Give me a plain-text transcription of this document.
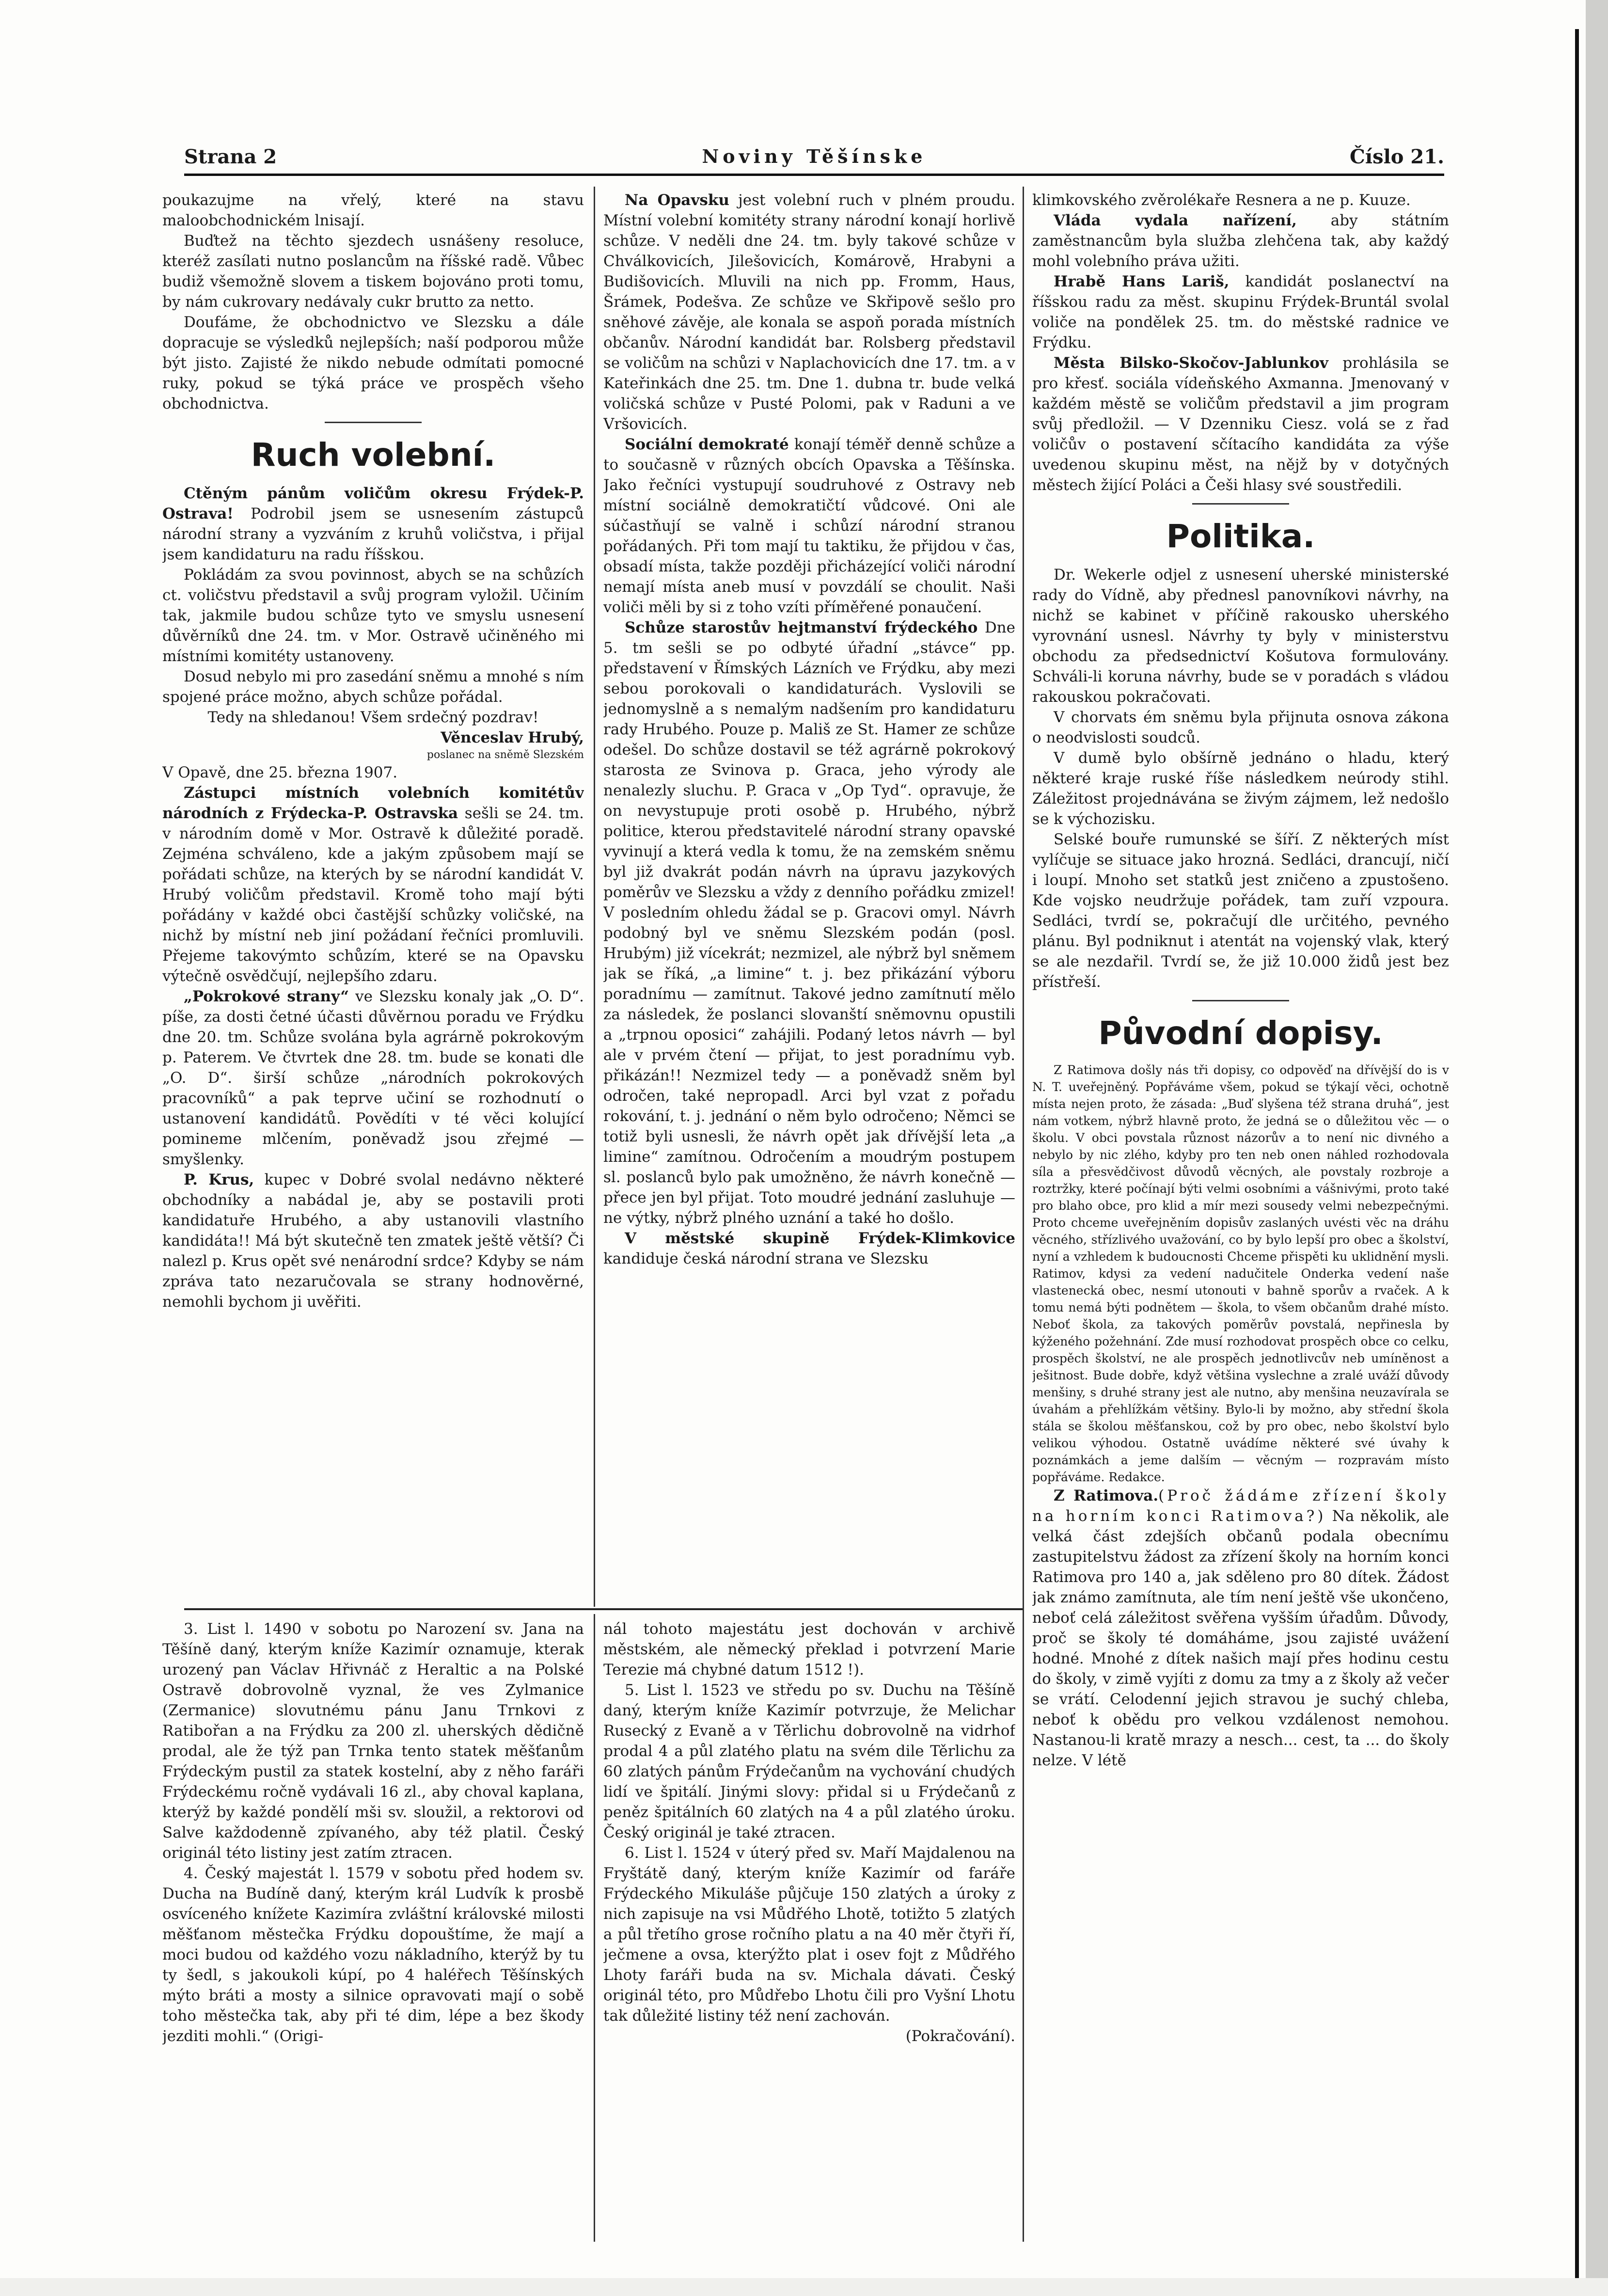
Strana 2	Noviny Těšínske	Číslo 21.

poukazujme na vřelý, které na stavu maloobchodnickém lnisají.

Buďtež na těchto sjezdech usnášeny resoluce, kteréž zasílati nutno poslancům na říšské radě. Vůbec budiž všemožně slovem a tiskem bojováno proti tomu, by nám cukrovary nedávaly cukr brutto za netto.

Doufáme, že obchodnictvo ve Slezsku a dále dopracuje se výsledků nejlepších; naší podporou může být jisto. Zajisté že nikdo nebude odmítati pomocné ruky, pokud se týká práce ve prospěch všeho obchodnictva.

Ruch volební.

Ctěným pánům voličům okresu Frýdek-P. Ostrava! Podrobil jsem se usnesením zástupců národní strany a vyzváním z kruhů voličstva, i přijal jsem kandidaturu na radu říšskou.

Pokládám za svou povinnost, abych se na schůzích ct. voličstvu představil a svůj program vyložil. Učiním tak, jakmile budou schůze tyto ve smyslu usnesení důvěrníků dne 24. tm. v Mor. Ostravě učiněného mi místními komitéty ustanoveny.

Dosud nebylo mi pro zasedání sněmu a mnohé s ním spojené práce možno, abych schůze pořádal.

Tedy na shledanou! Všem srdečný pozdrav!

Věnceslav Hrubý,

poslanec na sněmě Slezském

V Opavě, dne 25. března 1907.

Zástupci místních volebních komitétův národních z Frýdecka-P. Ostravska sešli se 24. tm. v národním domě v Mor. Ostravě k důležité poradě. Zejména schváleno, kde a jakým způsobem mají se pořádati schůze, na kterých by se národní kandidát V. Hrubý voličům představil. Kromě toho mají býti pořádány v každé obci častější schůzky voličské, na nichž by místní neb jiní požádaní řečníci promluvili. Přejeme takovýmto schůzím, které se na Opavsku výtečně osvědčují, nejlepšího zdaru.

„Pokrokové strany“ ve Slezsku konaly jak „O. D“. píše, za dosti četné účasti důvěrnou poradu ve Frýdku dne 20. tm. Schůze svolána byla agrárně pokrokovým p. Paterem. Ve čtvrtek dne 28. tm. bude se konati dle „O. D“. širší schůze „národních pokrokových pracovníků“ a pak teprve učiní se rozhodnutí o ustanovení kandidátů. Povědíti v té věci kolující pomineme mlčením, poněvadž jsou zřejmé — smyšlenky.

P. Krus, kupec v Dobré svolal nedávno některé obchodníky a nabádal je, aby se postavili proti kandidatuře Hrubého, a aby ustanovili vlastního kandidáta!! Má být skutečně ten zmatek ještě větší? Či nalezl p. Krus opět své nenárodní srdce? Kdyby se nám zpráva tato nezaručovala se strany hodnověrné, nemohli bychom ji uvěřiti.

Na Opavsku jest volební ruch v plném proudu. Místní volební komitéty strany národní konají horlivě schůze. V neděli dne 24. tm. byly takové schůze v Chválkovicích, Jilešovicích, Komárově, Hrabyni a Budišovicích. Mluvili na nich pp. Fromm, Haus, Šrámek, Podešva. Ze schůze ve Skřipově sešlo pro sněhové závěje, ale konala se aspoň porada místních občanův. Národní kandidát bar. Rolsberg představil se voličům na schůzi v Naplachovicích dne 17. tm. a v Kateřinkách dne 25. tm. Dne 1. dubna tr. bude velká voličská schůze v Pusté Polomi, pak v Raduni a ve Vršovicích.

Sociální demokraté konají téměř denně schůze a to současně v různých obcích Opavska a Těšínska. Jako řečníci vystupují soudruhové z Ostravy neb místní sociálně demokratičtí vůdcové. Oni ale súčastňují se valně i schůzí národní stranou pořádaných. Při tom mají tu taktiku, že přijdou v čas, obsadí místa, takže později přicházející voliči národní nemají místa aneb musí v povzdálí se choulit. Naši voliči měli by si z toho vzíti příměřené ponaučení.

Schůze starostův hejtmanství frýdeckého Dne 5. tm sešli se po odbyté úřadní „stávce“ pp. představení v Římských Lázních ve Frýdku, aby mezi sebou porokovali o kandidaturách. Vyslovili se jednomyslně a s nemalým nadšením pro kandidaturu rady Hrubého. Pouze p. Mališ ze St. Hamer ze schůze odešel. Do schůze dostavil se též agrárně pokrokový starosta ze Svinova p. Graca, jeho výrody ale nenalezly sluchu. P. Graca v „Op Tyd“. opravuje, že on nevystupuje proti osobě p. Hrubého, nýbrž politice, kterou představitelé národní strany opavské vyvinují a která vedla k tomu, že na zemském sněmu byl již dvakrát podán návrh na úpravu jazykových poměrův ve Slezsku a vždy z denního pořádku zmizel! V posledním ohledu žádal se p. Gracovi omyl. Návrh podobný byl ve sněmu Slezském podán (posl. Hrubým) již vícekrát; nezmizel, ale nýbrž byl sněmem jak se říká, „a limine“ t. j. bez přikázání výboru poradnímu — zamítnut. Takové jedno zamítnutí mělo za následek, že poslanci slovanští sněmovnu opustili a „trpnou oposici“ zahájili. Podaný letos návrh — byl ale v prvém čtení — přijat, to jest poradnímu vyb. přikázán!! Nezmizel tedy — a poněvadž sněm byl odročen, také nepropadl. Arci byl vzat z pořadu rokování, t. j. jednání o něm bylo odročeno; Němci se totiž byli usnesli, že návrh opět jak dřívější leta „a limine“ zamítnou. Odročením a moudrým postupem sl. poslanců bylo pak umožněno, že návrh konečně — přece jen byl přijat. Toto moudré jednání zasluhuje — ne výtky, nýbrž plného uznání a také ho došlo.

V městské skupině Frýdek-Klimkovice kandiduje česká národní strana ve Slezsku

klimkovského zvěrolékaře Resnera a ne p. Kuuze.

Vláda vydala nařízení, aby státním zaměstnancům byla služba zlehčena tak, aby každý mohl volebního práva užiti.

Hrabě Hans Lariš, kandidát poslanectví na říšskou radu za měst. skupinu Frýdek-Bruntál svolal voliče na pondělek 25. tm. do městské radnice ve Frýdku.

Města Bilsko-Skočov-Jablunkov prohlásila se pro křesť. sociála vídeňského Axmanna. Jmenovaný v každém městě se voličům představil a jim program svůj předložil. — V Dzenniku Ciesz. volá se z řad voličův o postavení sčítacího kandidáta za výše uvedenou skupinu měst, na nějž by v dotyčných městech žijící Poláci a Češi hlasy své soustředili.

Politika.

Dr. Wekerle odjel z usnesení uherské ministerské rady do Vídně, aby přednesl panovníkovi návrhy, na nichž se kabinet v příčině rakousko uherského vyrovnání usnesl. Návrhy ty byly v ministerstvu obchodu za předsednictví Košutova formulovány. Schváli-li koruna návrhy, bude se v poradách s vládou rakouskou pokračovati.

V chorvats ém sněmu byla přijnuta osnova zákona o neodvislosti soudců.

V dumě bylo obšírně jednáno o hladu, který některé kraje ruské říše následkem neúrody stihl. Záležitost projednávána se živým zájmem, lež nedošlo se k výchozisku.

Selské bouře rumunské se šíří. Z některých míst vylíčuje se situace jako hrozná. Sedláci, drancují, ničí i loupí. Mnoho set statků jest zničeno a zpustošeno. Kde vojsko neudržuje pořádek, tam zuří vzpoura. Sedláci, tvrdí se, pokračují dle určitého, pevného plánu. Byl podniknut i atentát na vojenský vlak, který se ale nezdařil. Tvrdí se, že již 10.000 židů jest bez přístřeší.

Původní dopisy.

Z Ratimova došly nás tři dopisy, co odpověď na dřívější do is v N. T. uveřejněný. Popřáváme všem, pokud se týkají věci, ochotně místa nejen proto, že zásada: „Buď slyšena též strana druhá“, jest nám votkem, nýbrž hlavně proto, že jedná se o důležitou věc — o školu. V obci povstala různost názorův a to není nic divného a nebylo by nic zlého, kdyby pro ten neb onen náhled rozhodovala síla a přesvědčivost důvodů věcných, ale povstaly rozbroje a roztržky, které počínají býti velmi osobními a vášnivými, proto také pro blaho obce, pro klid a mír mezi sousedy velmi nebezpečnými. Proto chceme uveřejněním dopisův zaslaných uvésti věc na dráhu věcného, střízlivého uvažování, co by bylo lepší pro obec a školství, nyní a vzhledem k budoucnosti Chceme přispěti ku uklidnění mysli. Ratimov, kdysi za vedení nadučitele Onderka vedení naše vlastenecká obec, nesmí utonouti v bahně sporův a rvaček. A k tomu nemá býti podnětem — škola, to všem občanům drahé místo. Neboť škola, za takových poměrův povstalá, nepřinesla by kýženého požehnání. Zde musí rozhodovat prospěch obce co celku, prospěch školství, ne ale prospěch jednotlivcův neb umíněnost a ješitnost. Bude dobře, když většina vyslechne a zralé uváží důvody menšiny, s druhé strany jest ale nutno, aby menšina neuzavírala se úvahám a přehlížkám většiny. Bylo-li by možno, aby střední škola stála se školou měšťanskou, což by pro obec, nebo školství bylo velikou výhodou. Ostatně uvádíme některé své úvahy k poznámkách a jeme dalším — věcným — rozpravám místo popřáváme. Redakce.

Z Ratimova.(Proč žádáme zřízení školy na horním konci Ratimova?) Na několik, ale velká část zdejších občanů podala obecnímu zastupitelstvu žádost za zřízení školy na horním konci Ratimova pro 140 a, jak sděleno pro 80 dítek. Žádost jak známo zamítnuta, ale tím není ještě vše ukončeno, neboť celá záležitost svěřena vyšším úřadům. Důvody, proč se školy té domáháme, jsou zajisté uvážení hodné. Mnohé z dítek našich mají přes hodinu cestu do školy, v zimě vyjíti z domu za tmy a z školy až večer se vrátí. Celodenní jejich stravou je suchý chleba, neboť k obědu pro velkou vzdálenost nemohou. Nastanou-li kratě mrazy a nesch... cest, ta ... do školy nelze. V létě

3. List l. 1490 v sobotu po Narození sv. Jana na Těšíně daný, kterým kníže Kazimír oznamuje, kterak urozený pan Václav Hřivnáč z Heraltic a na Polské Ostravě dobrovolně vyznal, že ves Zylmanice (Zermanice) slovutnému pánu Janu Trnkovi z Ratibořan a na Frýdku za 200 zl. uherských dědičně prodal, ale že týž pan Trnka tento statek měšťanům Frýdeckým pustil za statek kostelní, aby z něho faráři Frýdeckému ročně vydávali 16 zl., aby choval kaplana, kterýž by každé pondělí mši sv. sloužil, a rektorovi od Salve každodenně zpívaného, aby též platil. Český originál této listiny jest zatím ztracen.

4. Český majestát l. 1579 v sobotu před hodem sv. Ducha na Budíně daný, kterým král Ludvík k prosbě osvíceného knížete Kazimíra zvláštní královské milosti měšťanom městečka Frýdku dopouštíme, že mají a moci budou od každého vozu nákladního, kterýž by tu ty šedl, s jakoukoli kúpí, po 4 haléřech Těšínských mýto bráti a mosty a silnice opravovati mají o sobě toho městečka tak, aby při té dim, lépe a bez škody jezditi mohli.“ (Origi-

nál tohoto majestátu jest dochován v archivě městském, ale německý překlad i potvrzení Marie Terezie má chybné datum 1512 !).

5. List l. 1523 ve středu po sv. Duchu na Těšíně daný, kterým kníže Kazimír potvrzuje, že Melichar Rusecký z Evaně a v Těrlichu dobrovolně na vidrhof prodal 4 a půl zlatého platu na svém dile Těrlichu za 60 zlatých pánům Frýdečanům na vychování chudých lidí ve špitálí. Jinými slovy: přidal si u Frýdečanů z peněz špitálních 60 zlatých na 4 a půl zlatého úroku. Český originál je také ztracen.

6. List l. 1524 v úterý před sv. Maří Majdalenou na Fryštátě daný, kterým kníže Kazimír od faráře Frýdeckého Mikuláše půjčuje 150 zlatých a úroky z nich zapisuje na vsi Můdřého Lhotě, totižto 5 zlatých a půl třetího grose ročního platu a na 40 měr čtyři ří, ječmene a ovsa, kterýžto plat i osev fojt z Můdřého Lhoty faráři buda na sv. Michala dávati. Český originál této, pro Můdřebo Lhotu čili pro Vyšní Lhotu tak důležité listiny též není zachován.

(Pokračování).
